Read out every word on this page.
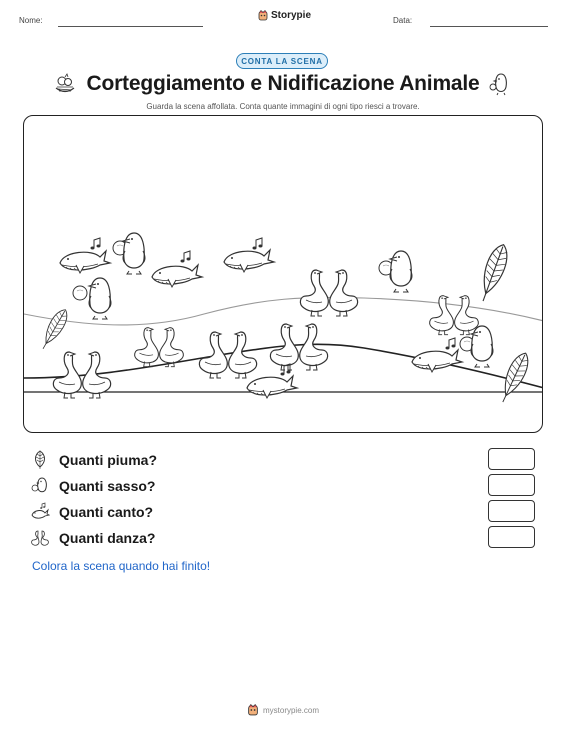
Nome:	Storypie	Data:
CONTA LA SCENA
Corteggiamento e Nidificazione Animale
Guarda la scena affollata. Conta quante immagini di ogni tipo riesci a trovare.
Quanti piuma?
Quanti sasso?
Quanti canto?
Quanti danza?
Colora la scena quando hai finito!
mystorypie.com
